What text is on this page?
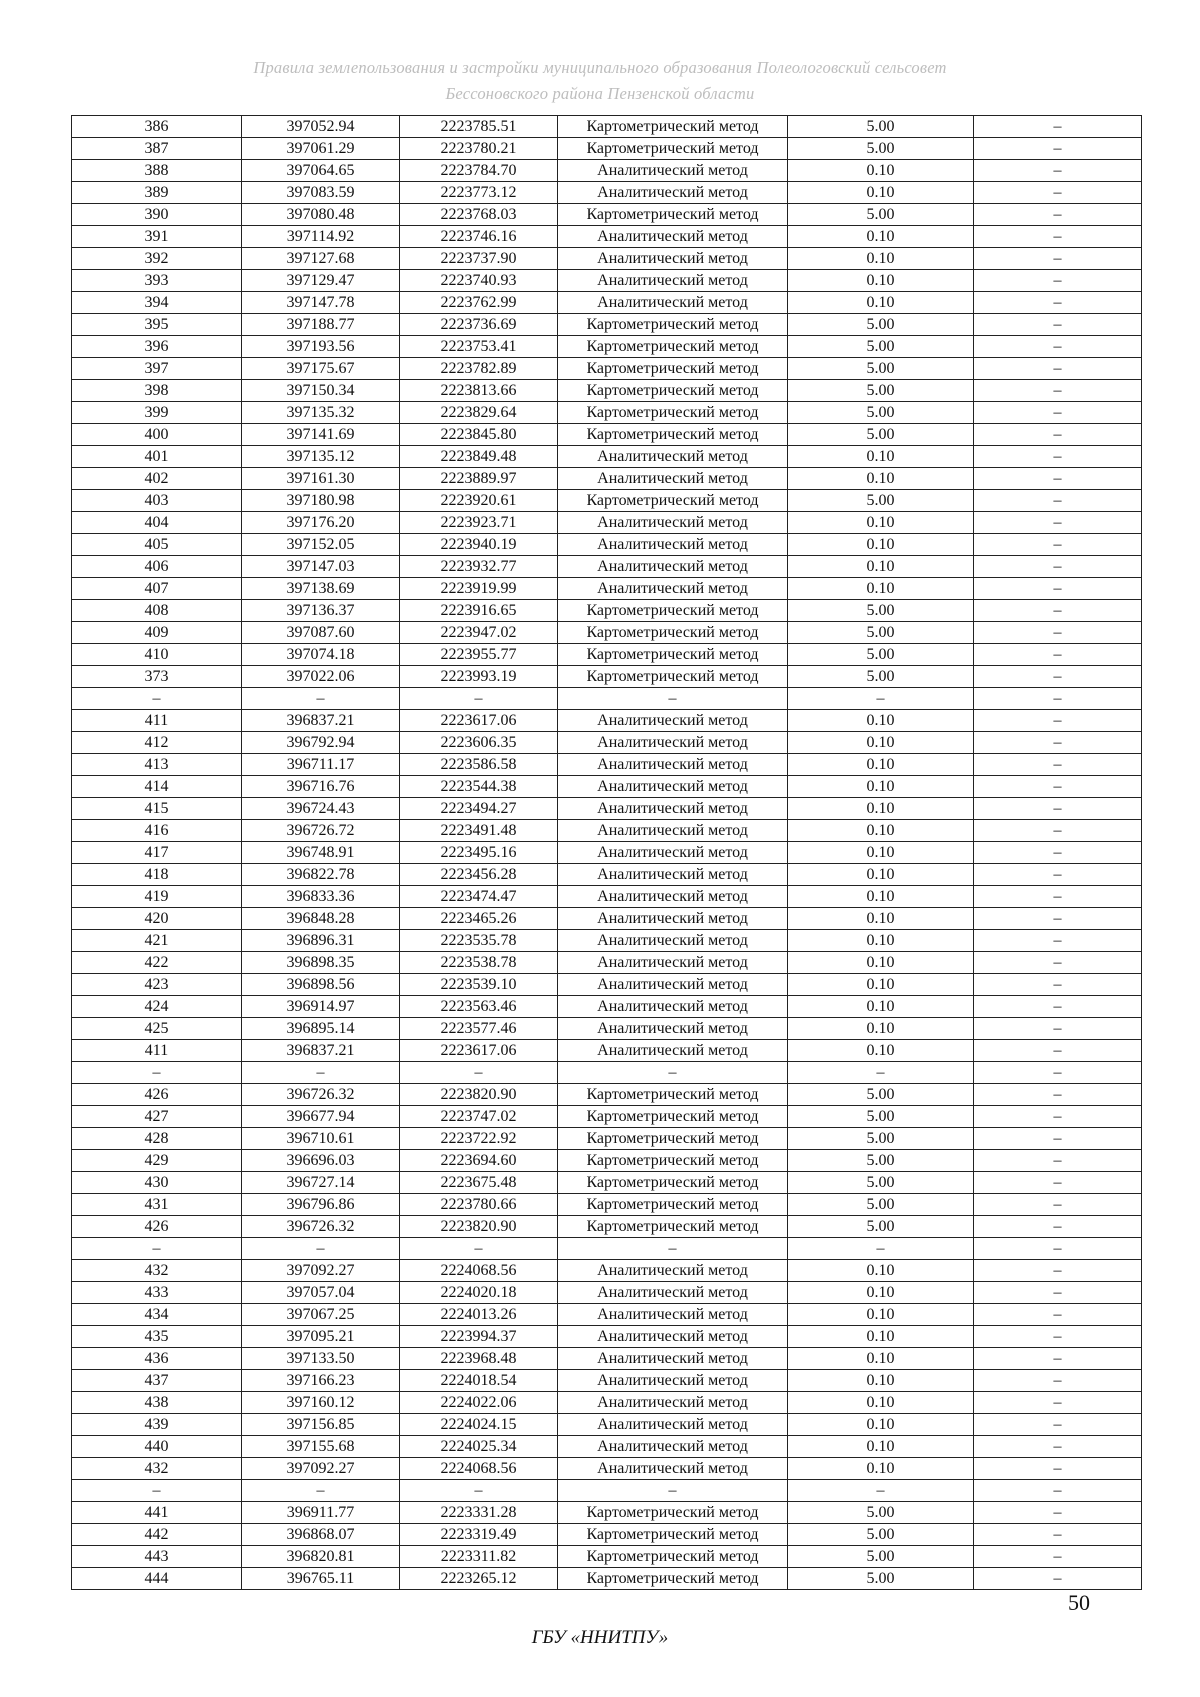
Правила землепользования и застройки муниципального образования Полеологовский сельсовет
Бессоновского района Пензенской области
386	397052.94	2223785.51	Картометрический метод	5.00	–
387	397061.29	2223780.21	Картометрический метод	5.00	–
388	397064.65	2223784.70	Аналитический метод	0.10	–
389	397083.59	2223773.12	Аналитический метод	0.10	–
390	397080.48	2223768.03	Картометрический метод	5.00	–
391	397114.92	2223746.16	Аналитический метод	0.10	–
392	397127.68	2223737.90	Аналитический метод	0.10	–
393	397129.47	2223740.93	Аналитический метод	0.10	–
394	397147.78	2223762.99	Аналитический метод	0.10	–
395	397188.77	2223736.69	Картометрический метод	5.00	–
396	397193.56	2223753.41	Картометрический метод	5.00	–
397	397175.67	2223782.89	Картометрический метод	5.00	–
398	397150.34	2223813.66	Картометрический метод	5.00	–
399	397135.32	2223829.64	Картометрический метод	5.00	–
400	397141.69	2223845.80	Картометрический метод	5.00	–
401	397135.12	2223849.48	Аналитический метод	0.10	–
402	397161.30	2223889.97	Аналитический метод	0.10	–
403	397180.98	2223920.61	Картометрический метод	5.00	–
404	397176.20	2223923.71	Аналитический метод	0.10	–
405	397152.05	2223940.19	Аналитический метод	0.10	–
406	397147.03	2223932.77	Аналитический метод	0.10	–
407	397138.69	2223919.99	Аналитический метод	0.10	–
408	397136.37	2223916.65	Картометрический метод	5.00	–
409	397087.60	2223947.02	Картометрический метод	5.00	–
410	397074.18	2223955.77	Картометрический метод	5.00	–
373	397022.06	2223993.19	Картометрический метод	5.00	–
–	–	–	–	–	–
411	396837.21	2223617.06	Аналитический метод	0.10	–
412	396792.94	2223606.35	Аналитический метод	0.10	–
413	396711.17	2223586.58	Аналитический метод	0.10	–
414	396716.76	2223544.38	Аналитический метод	0.10	–
415	396724.43	2223494.27	Аналитический метод	0.10	–
416	396726.72	2223491.48	Аналитический метод	0.10	–
417	396748.91	2223495.16	Аналитический метод	0.10	–
418	396822.78	2223456.28	Аналитический метод	0.10	–
419	396833.36	2223474.47	Аналитический метод	0.10	–
420	396848.28	2223465.26	Аналитический метод	0.10	–
421	396896.31	2223535.78	Аналитический метод	0.10	–
422	396898.35	2223538.78	Аналитический метод	0.10	–
423	396898.56	2223539.10	Аналитический метод	0.10	–
424	396914.97	2223563.46	Аналитический метод	0.10	–
425	396895.14	2223577.46	Аналитический метод	0.10	–
411	396837.21	2223617.06	Аналитический метод	0.10	–
–	–	–	–	–	–
426	396726.32	2223820.90	Картометрический метод	5.00	–
427	396677.94	2223747.02	Картометрический метод	5.00	–
428	396710.61	2223722.92	Картометрический метод	5.00	–
429	396696.03	2223694.60	Картометрический метод	5.00	–
430	396727.14	2223675.48	Картометрический метод	5.00	–
431	396796.86	2223780.66	Картометрический метод	5.00	–
426	396726.32	2223820.90	Картометрический метод	5.00	–
–	–	–	–	–	–
432	397092.27	2224068.56	Аналитический метод	0.10	–
433	397057.04	2224020.18	Аналитический метод	0.10	–
434	397067.25	2224013.26	Аналитический метод	0.10	–
435	397095.21	2223994.37	Аналитический метод	0.10	–
436	397133.50	2223968.48	Аналитический метод	0.10	–
437	397166.23	2224018.54	Аналитический метод	0.10	–
438	397160.12	2224022.06	Аналитический метод	0.10	–
439	397156.85	2224024.15	Аналитический метод	0.10	–
440	397155.68	2224025.34	Аналитический метод	0.10	–
432	397092.27	2224068.56	Аналитический метод	0.10	–
–	–	–	–	–	–
441	396911.77	2223331.28	Картометрический метод	5.00	–
442	396868.07	2223319.49	Картометрический метод	5.00	–
443	396820.81	2223311.82	Картометрический метод	5.00	–
444	396765.11	2223265.12	Картометрический метод	5.00	–
50
ГБУ «ННИТПУ»
